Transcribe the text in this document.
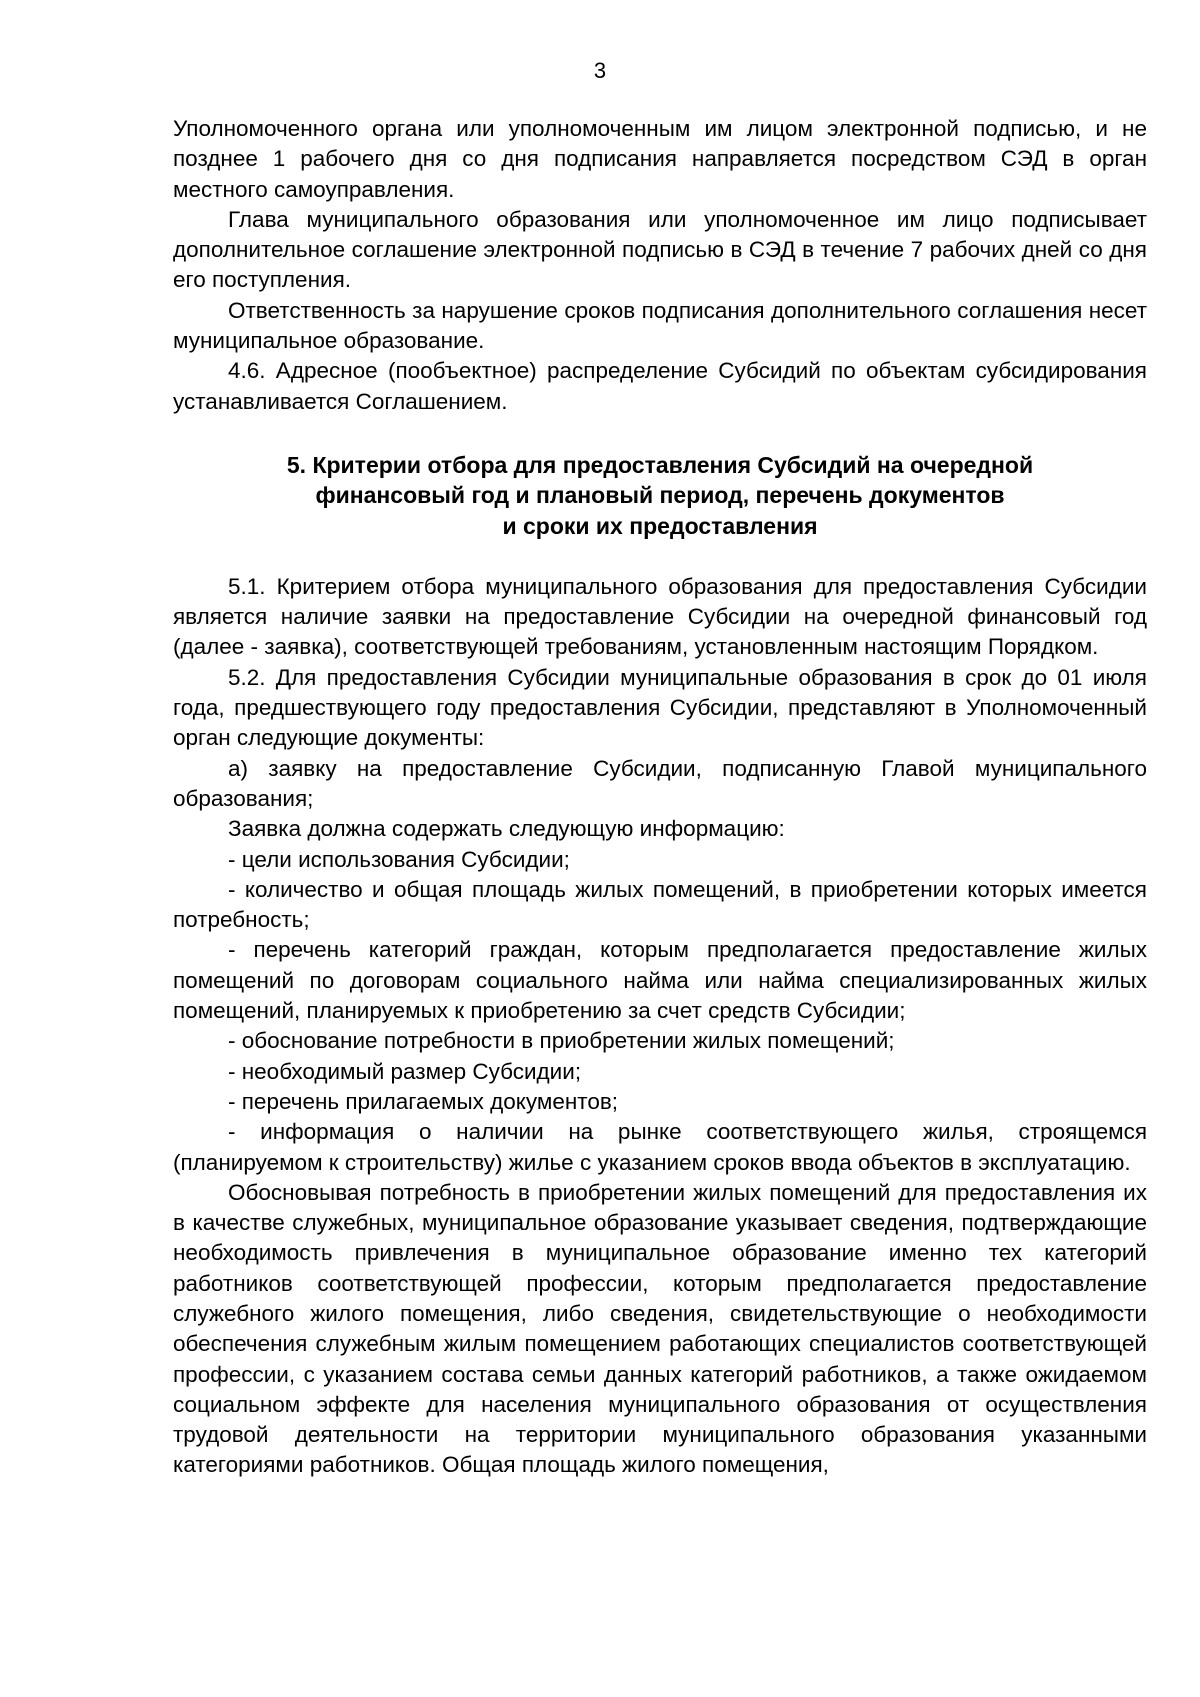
3

Уполномоченного органа или уполномоченным им лицом электронной подписью, и не позднее 1 рабочего дня со дня подписания направляется посредством СЭД в орган местного самоуправления.

Глава муниципального образования или уполномоченное им лицо подписывает дополнительное соглашение электронной подписью в СЭД в течение 7 рабочих дней со дня его поступления.

Ответственность за нарушение сроков подписания дополнительного соглашения несет муниципальное образование.

4.6. Адресное (пообъектное) распределение Субсидий по объектам субсидирования устанавливается Соглашением.

5. Критерии отбора для предоставления Субсидий на очередной
финансовый год и плановый период, перечень документов
и сроки их предоставления

5.1. Критерием отбора муниципального образования для предоставления Субсидии является наличие заявки на предоставление Субсидии на очередной финансовый год (далее - заявка), соответствующей требованиям, установленным настоящим Порядком.

5.2. Для предоставления Субсидии муниципальные образования в срок до 01 июля года, предшествующего году предоставления Субсидии, представляют в Уполномоченный орган следующие документы:

а) заявку на предоставление Субсидии, подписанную Главой муниципального образования;

Заявка должна содержать следующую информацию:

- цели использования Субсидии;

- количество и общая площадь жилых помещений, в приобретении которых имеется потребность;

- перечень категорий граждан, которым предполагается предоставление жилых помещений по договорам социального найма или найма специализированных жилых помещений, планируемых к приобретению за счет средств Субсидии;

- обоснование потребности в приобретении жилых помещений;

- необходимый размер Субсидии;

- перечень прилагаемых документов;

- информация о наличии на рынке соответствующего жилья, строящемся (планируемом к строительству) жилье с указанием сроков ввода объектов в эксплуатацию.

Обосновывая потребность в приобретении жилых помещений для предоставления их в качестве служебных, муниципальное образование указывает сведения, подтверждающие необходимость привлечения в муниципальное образование именно тех категорий работников соответствующей профессии, которым предполагается предоставление служебного жилого помещения, либо сведения, свидетельствующие о необходимости обеспечения служебным жилым помещением работающих специалистов соответствующей профессии, с указанием состава семьи данных категорий работников, а также ожидаемом социальном эффекте для населения муниципального образования от осуществления трудовой деятельности на территории муниципального образования указанными категориями работников. Общая площадь жилого помещения,
